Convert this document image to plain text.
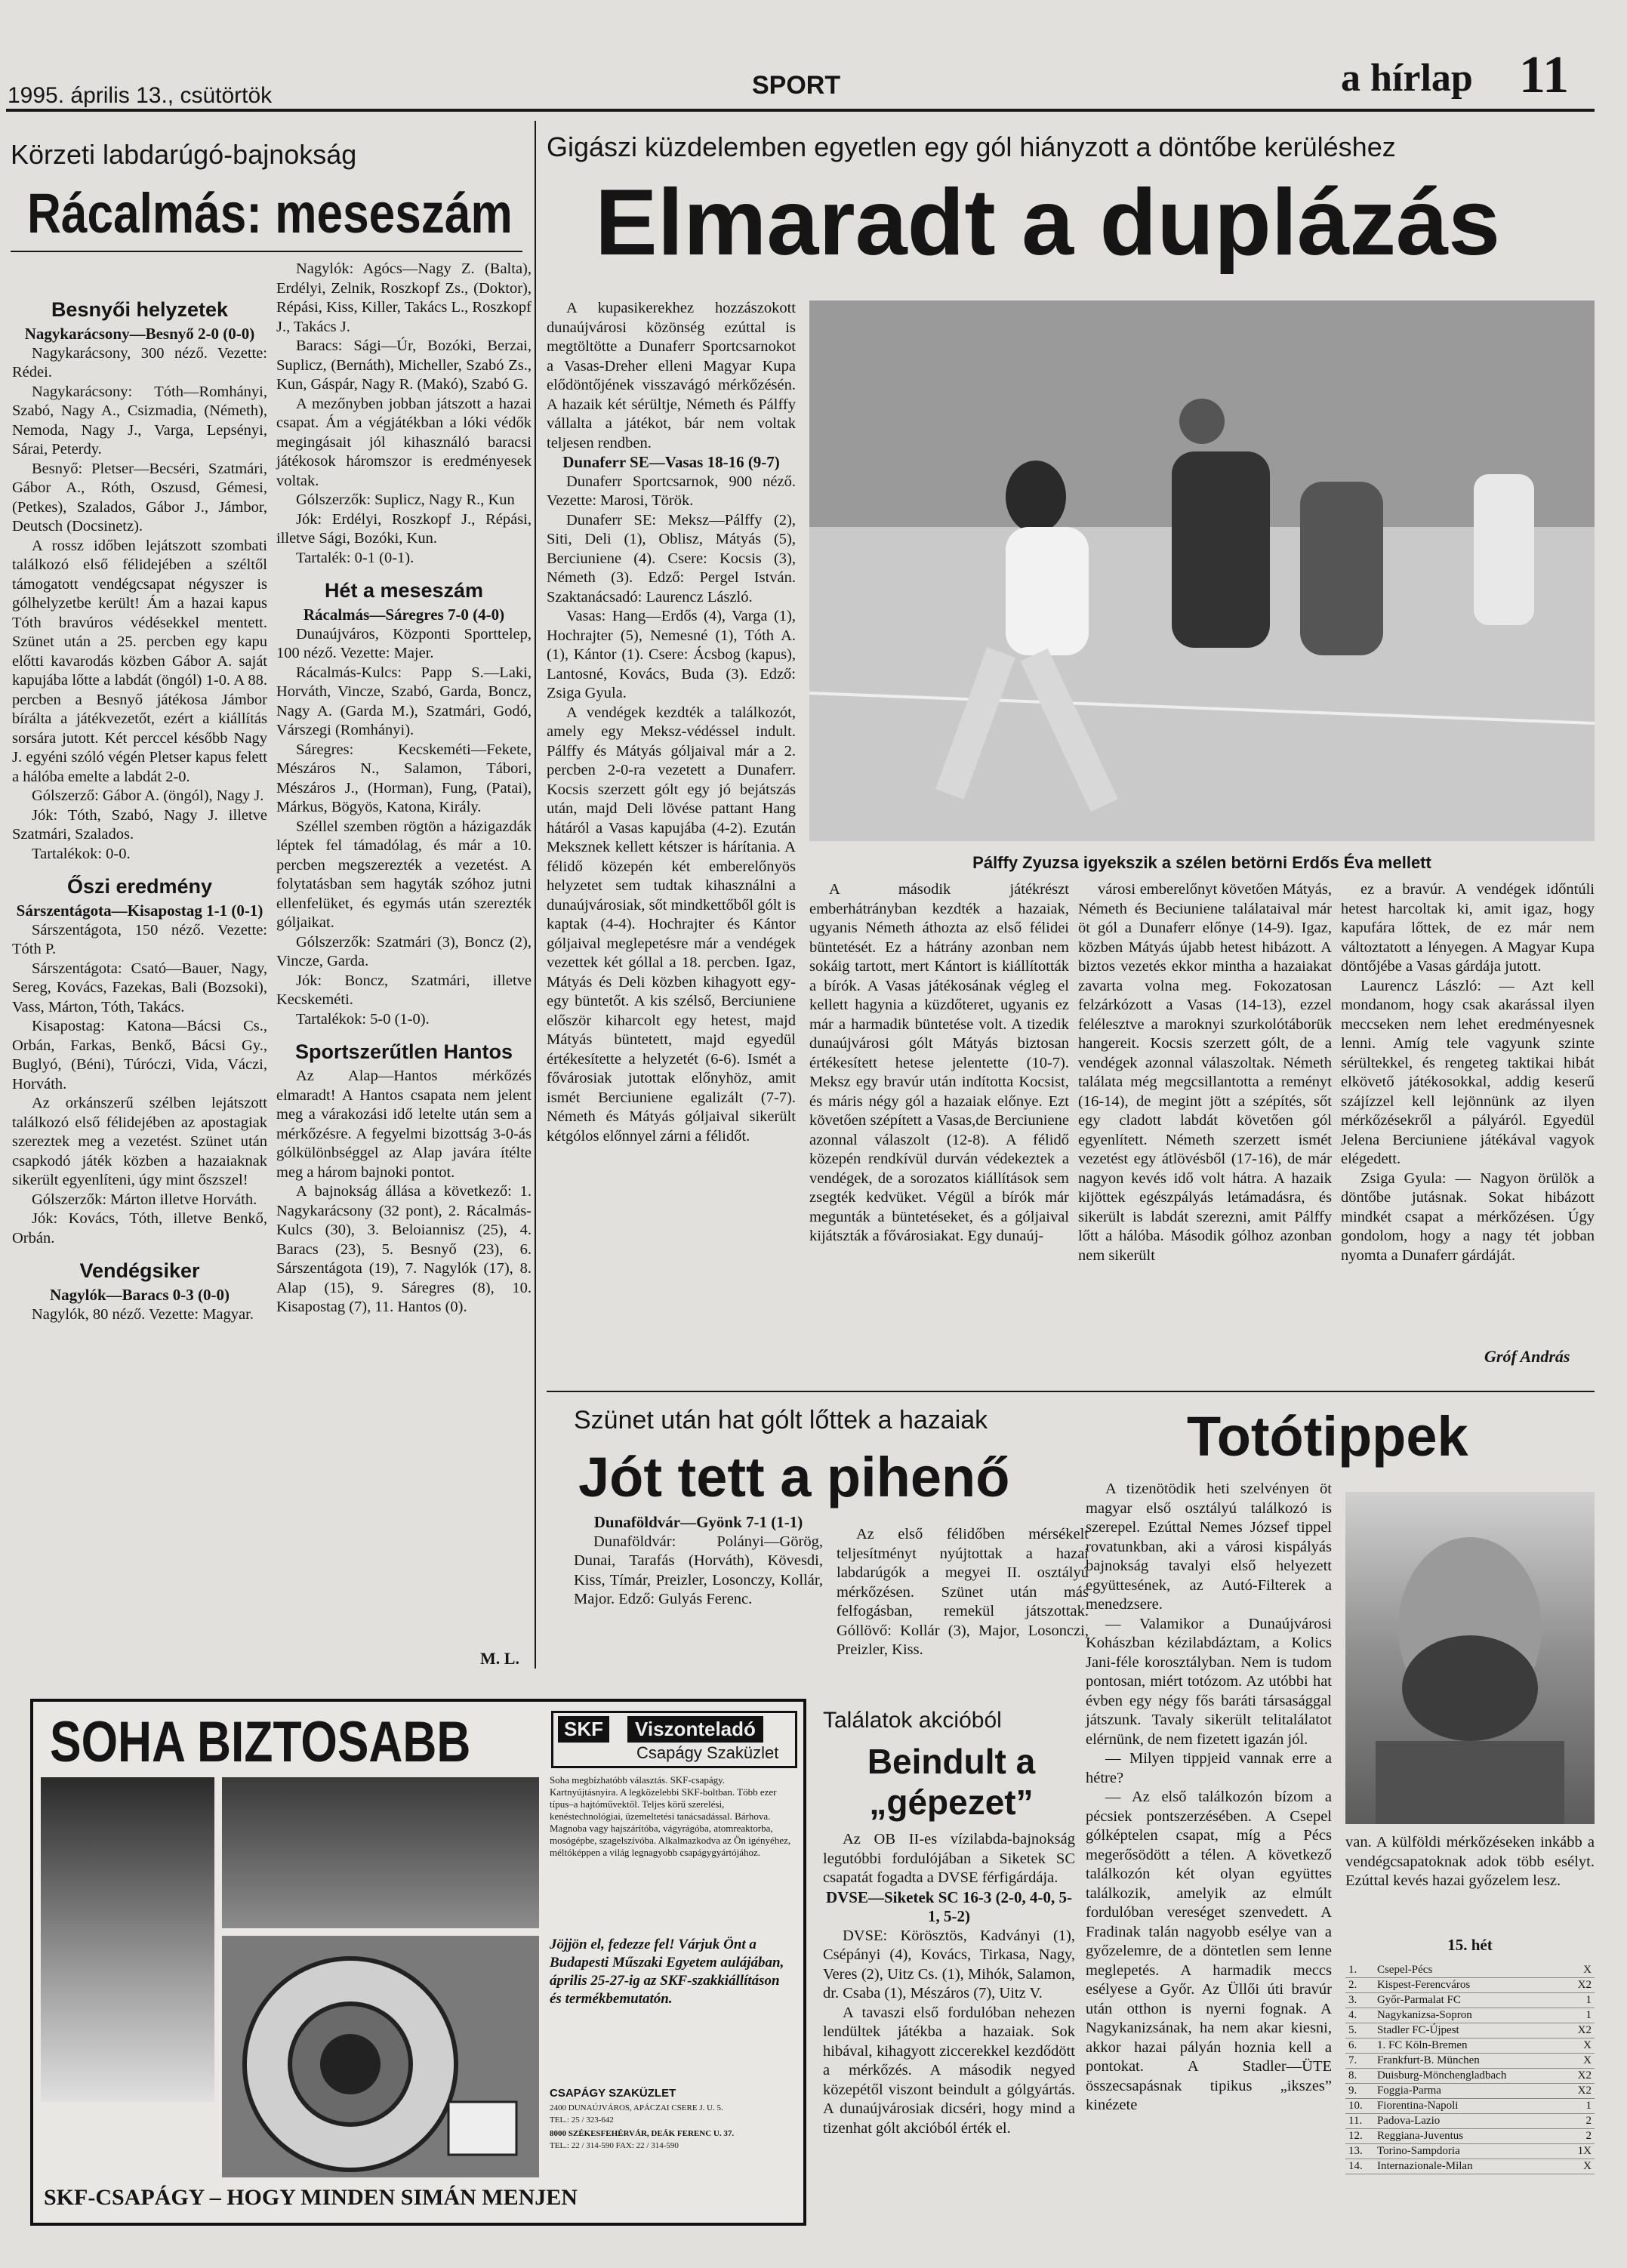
1995. április 13., csütörtök	SPORT	a hírlap 11
Körzeti labdarúgó-bajnokság
Rácalmás: meseszám

Besnyői helyzetek

Nagykarácsony—Besnyő 2-0 (0-0)

Nagykarácsony, 300 néző. Vezette: Rédei.

Nagykarácsony: Tóth—Romhányi, Szabó, Nagy A., Csizmadia, (Németh), Nemoda, Nagy J., Varga, Lepsényi, Sárai, Peterdy.

Besnyő: Pletser—Becséri, Szatmári, Gábor A., Róth, Oszusd, Gémesi, (Petkes), Szalados, Gábor J., Jámbor, Deutsch (Docsinetz).

A rossz időben lejátszott szombati találkozó első félidejében a széltől támogatott vendégcsapat négyszer is gólhelyzetbe került! Ám a hazai kapus Tóth bravúros védésekkel mentett. Szünet után a 25. percben egy kapu előtti kavarodás közben Gábor A. saját kapujába lőtte a labdát (öngól) 1-0. A 88. percben a Besnyő játékosa Jámbor bírálta a játékvezetőt, ezért a kiállítás sorsára jutott. Két perccel később Nagy J. egyéni szóló végén Pletser kapus felett a hálóba emelte a labdát 2-0.

Gólszerző: Gábor A. (öngól), Nagy J.

Jók: Tóth, Szabó, Nagy J. illetve Szatmári, Szalados.

Tartalékok: 0-0.

Őszi eredmény

Sárszentágota—Kisapostag 1-1 (0-1)

Sárszentágota, 150 néző. Vezette: Tóth P.

Sárszentágota: Csató—Bauer, Nagy, Sereg, Kovács, Fazekas, Bali (Bozsoki), Vass, Márton, Tóth, Takács.

Kisapostag: Katona—Bácsi Cs., Orbán, Farkas, Benkő, Bácsi Gy., Buglyó, (Béni), Túróczi, Vida, Váczi, Horváth.

Az orkánszerű szélben lejátszott találkozó első félidejében az apostagiak szereztek meg a vezetést. Szünet után csapkodó játék közben a hazaiaknak sikerült egyenlíteni, úgy mint őszszel!

Gólszerzők: Márton illetve Horváth.

Jók: Kovács, Tóth, illetve Benkő, Orbán.

Vendégsiker

Nagylók—Baracs 0-3 (0-0)

Nagylók, 80 néző. Vezette: Magyar.

Nagylók: Agócs—Nagy Z. (Balta), Erdélyi, Zelnik, Roszkopf Zs., (Doktor), Répási, Kiss, Killer, Takács L., Roszkopf J., Takács J.

Baracs: Sági—Úr, Bozóki, Berzai, Suplicz, (Bernáth), Micheller, Szabó Zs., Kun, Gáspár, Nagy R. (Makó), Szabó G.

A mezőnyben jobban játszott a hazai csapat. Ám a végjátékban a lóki védők megingásait jól kihasználó baracsi játékosok háromszor is eredményesek voltak.

Gólszerzők: Suplicz, Nagy R., Kun

Jók: Erdélyi, Roszkopf J., Répási, illetve Sági, Bozóki, Kun.

Tartalék: 0-1 (0-1).

Hét a meseszám

Rácalmás—Sáregres 7-0 (4-0)

Dunaújváros, Központi Sporttelep, 100 néző. Vezette: Majer.

Rácalmás-Kulcs: Papp S.—Laki, Horváth, Vincze, Szabó, Garda, Boncz, Nagy A. (Garda M.), Szatmári, Godó, Várszegi (Romhányi).

Sáregres: Kecskeméti—Fekete, Mészáros N., Salamon, Tábori, Mészáros J., (Horman), Fung, (Patai), Márkus, Bögyös, Katona, Király.

Széllel szemben rögtön a házigazdák léptek fel támadólag, és már a 10. percben megszerezték a vezetést. A folytatásban sem hagyták szóhoz jutni ellenfelüket, és egymás után szerezték góljaikat.

Gólszerzők: Szatmári (3), Boncz (2), Vincze, Garda.

Jók: Boncz, Szatmári, illetve Kecskeméti.

Tartalékok: 5-0 (1-0).

Sportszerűtlen Hantos

Az Alap—Hantos mérkőzés elmaradt! A Hantos csapata nem jelent meg a várakozási idő letelte után sem a mérkőzésre. A fegyelmi bizottság 3-0-ás gólkülönbséggel az Alap javára ítélte meg a három bajnoki pontot.

A bajnokság állása a következő: 1. Nagykarácsony (32 pont), 2. Rácalmás-Kulcs (30), 3. Beloiannisz (25), 4. Baracs (23), 5. Besnyő (23), 6. Sárszentágota (19), 7. Nagylók (17), 8. Alap (15), 9. Sáregres (8), 10. Kisapostag (7), 11. Hantos (0).

M. L.
Gigászi küzdelemben egyetlen egy gól hiányzott a döntőbe kerüléshez
Elmaradt a duplázás

A kupasikerekhez hozzászokott dunaújvárosi közönség ezúttal is megtöltötte a Dunaferr Sportcsarnokot a Vasas-Dreher elleni Magyar Kupa elődöntőjének visszavágó mérkőzésén. A hazaik két sérültje, Németh és Pálffy vállalta a játékot, bár nem voltak teljesen rendben.

Dunaferr SE—Vasas 18-16 (9-7)

Dunaferr Sportcsarnok, 900 néző. Vezette: Marosi, Török.

Dunaferr SE: Meksz—Pálffy (2), Siti, Deli (1), Oblisz, Mátyás (5), Berciuniene (4). Csere: Kocsis (3), Németh (3). Edző: Pergel István. Szaktanácsadó: Laurencz László.

Vasas: Hang—Erdős (4), Varga (1), Hochrajter (5), Nemesné (1), Tóth A. (1), Kántor (1). Csere: Ácsbog (kapus), Lantosné, Kovács, Buda (3). Edző: Zsiga Gyula.

A vendégek kezdték a találkozót, amely egy Meksz-védéssel indult. Pálffy és Mátyás góljaival már a 2. percben 2-0-ra vezetett a Dunaferr. Kocsis szerzett gólt egy jó bejátszás után, majd Deli lövése pattant Hang hátáról a Vasas kapujába (4-2). Ezután Meksznek kellett kétszer is hárítania. A félidő közepén két emberelőnyös helyzetet sem tudtak kihasználni a dunaújvárosiak, sőt mindkettőből gólt is kaptak (4-4). Hochrajter és Kántor góljaival meglepetésre már a vendégek vezettek két góllal a 18. percben. Igaz, Mátyás és Deli közben kihagyott egy-egy büntetőt. A kis szélső, Berciuniene először kiharcolt egy hetest, majd Mátyás büntetett, majd egyedül értékesítette a helyzetét (6-6). Ismét a fővárosiak jutottak előnyhöz, amit ismét Berciuniene egalizált (7-7). Németh és Mátyás góljaival sikerült kétgólos előnnyel zárni a félidőt.

Pálffy Zyuzsa igyekszik a szélen betörni Erdős Éva mellett

A második játékrészt emberhátrányban kezdték a hazaiak, ugyanis Németh áthozta az első félidei büntetését. Ez a hátrány azonban nem sokáig tartott, mert Kántort is kiállították a bírók. A Vasas játékosának végleg el kellett hagynia a küzdőteret, ugyanis ez már a harmadik büntetése volt. A tizedik dunaújvárosi gólt Mátyás biztosan értékesített hetese jelentette (10-7). Meksz egy bravúr után indította Kocsist, és máris négy gól a hazaiak előnye. Ezt követően szépített a Vasas,de Berciuniene azonnal válaszolt (12-8). A félidő közepén rendkívül durván védekeztek a vendégek, de a sorozatos kiállítások sem zsegték kedvüket. Végül a bírók már megunták a büntetéseket, és a góljaival kijátszták a fővárosiakat. Egy dunaúj-

városi emberelőnyt követően Mátyás, Németh és Beciuniene találataival már öt gól a Dunaferr előnye (14-9). Igaz, közben Mátyás újabb hetest hibázott. A biztos vezetés ekkor mintha a hazaiakat zavarta volna meg. Fokozatosan felzárkózott a Vasas (14-13), ezzel felélesztve a maroknyi szurkolótáborük hangereit. Kocsis szerzett gólt, de a vendégek azonnal válaszoltak. Németh találata még megcsillantotta a reményt (16-14), de megint jött a szépítés, sőt egy cladott labdát követően gól egyenlített. Németh szerzett ismét vezetést egy átlövésből (17-16), de már nagyon kevés idő volt hátra. A hazaik kijöttek egészpályás letámadásra, és sikerült is labdát szerezni, amit Pálffy lőtt a hálóba. Második gólhoz azonban nem sikerült

ez a bravúr. A vendégek időntúli hetest harcoltak ki, amit igaz, hogy kapufára lőttek, de ez már nem változtatott a lényegen. A Magyar Kupa döntőjébe a Vasas gárdája jutott.

Laurencz László: — Azt kell mondanom, hogy csak akarással ilyen meccseken nem lehet eredményesnek lenni. Amíg tele vagyunk szinte sérültekkel, és rengeteg taktikai hibát elkövető játékosokkal, addig keserű szájízzel kell lejönnünk az ilyen mérkőzésekről a pályáról. Egyedül Jelena Berciuniene játékával vagyok elégedett.

Zsiga Gyula: — Nagyon örülök a döntőbe jutásnak. Sokat hibázott mindkét csapat a mérkőzésen. Úgy gondolom, hogy a nagy tét jobban nyomta a Dunaferr gárdáját.

Gróf András
Szünet után hat gólt lőttek a hazaiak
Jót tett a pihenő

Dunaföldvár—Gyönk 7-1 (1-1)

Dunaföldvár: Polányi—Görög, Dunai, Tarafás (Horváth), Kövesdi, Kiss, Tímár, Preizler, Losonczy, Kollár, Major. Edző: Gulyás Ferenc.

Az első félidőben mérsékelt teljesítményt nyújtottak a hazai labdarúgók a megyei II. osztályú mérkőzésen. Szünet után más felfogásban, remekül játszottak. Góllövő: Kollár (3), Major, Losonczi, Preizler, Kiss.

Totótippek

A tizenötödik heti szelvényen öt magyar első osztályú találkozó is szerepel. Ezúttal Nemes József tippel rovatunkban, aki a városi kispályás bajnokság tavalyi első helyezett együttesének, az Autó-Filterek a menedzsere.

— Valamikor a Dunaújvárosi Kohászban kézilabdáztam, a Kolics Jani-féle korosztályban. Nem is tudom pontosan, miért totózom. Az utóbbi hat évben egy négy fős baráti társasággal játszunk. Tavaly sikerült telitalálatot elérnünk, de nem fizetett igazán jól.

— Milyen tippjeid vannak erre a hétre?

— Az első találkozón bízom a pécsiek pontszerzésében. A Csepel gólképtelen csapat, míg a Pécs megerősödött a télen. A következő találkozón két olyan együttes találkozik, amelyik az elmúlt fordulóban vereséget szenvedett. A Fradinak talán nagyobb esélye van a győzelemre, de a döntetlen sem lenne meglepetés. A harmadik meccs esélyese a Győr. Az Üllői úti bravúr után otthon is nyerni fognak. A Nagykanizsának, ha nem akar kiesni, akkor hazai pályán hoznia kell a pontokat. A Stadler—ÜTE összecsapásnak tipikus „ikszes” kinézete

van. A külföldi mérkőzéseken inkább a vendégcsapatoknak adok több esélyt. Ezúttal kevés hazai győzelem lesz.
15. hét
1.	Csepel-Pécs	X
2.	Kispest-Ferencváros	X2
3.	Győr-Parmalat FC	1
4.	Nagykanizsa-Sopron	1
5.	Stadler FC-Újpest	X2
6.	1. FC Köln-Bremen	X
7.	Frankfurt-B. München	X
8.	Duisburg-Mönchengladbach	X2
9.	Foggia-Parma	X2
10.	Fiorentina-Napoli	1
11.	Padova-Lazio	2
12.	Reggiana-Juventus	2
13.	Torino-Sampdoria	1X
14.	Internazionale-Milan	X
Találatok akcióból
Beindult a „gépezet”

Az OB II-es vízilabda-bajnokság legutóbbi fordulójában a Siketek SC csapatát fogadta a DVSE férfigárdája.

DVSE—Siketek SC 16-3 (2-0, 4-0, 5-1, 5-2)

DVSE: Körösztös, Kadványi (1), Csépányi (4), Kovács, Tirkasa, Nagy, Veres (2), Uitz Cs. (1), Mihók, Salamon, dr. Csaba (1), Mészáros (7), Uitz V.

A tavaszi első fordulóban nehezen lendültek játékba a hazaiak. Sok hibával, kihagyott ziccerekkel kezdődött a mérkőzés. A második negyed közepétől viszont beindult a gólgyártás. A dunaújvárosiak dicséri, hogy mind a tizenhat gólt akcióból érték el.

SOHA BIZTOSABB	SKF	Viszonteladó
Csapágy Szaküzlet
Soha megbízhatóbb választás. SKF-csapágy. Kartnyújtásnyira. A legközelebbi SKF-boltban. Több ezer típus–a hajtóművektől. Teljes körű szerelési, kenéstechnológiai, üzemeltetési tanácsadással. Bárhova. Magnoba vagy hajszárítóba, vágyrágóba, atomreaktorba, mosógépbe, szagelszívóba. Alkalmazkodva az Ön igényéhez, méltóképpen a világ legnagyobb csapágygyártójához.
Jöjjön el, fedezze fel! Várjuk Önt a Budapesti Műszaki Egyetem aulájában, április 25-27-ig az SKF-szakkiállításon és termékbemutatón.
CSAPÁGY SZAKÜZLET
2400 DUNAÚJVÁROS, APÁCZAI CSERE J. U. 5.
TEL.: 25 / 323-642
8000 SZÉKESFEHÉRVÁR, DEÁK FERENC U. 37.
TEL.: 22 / 314-590 FAX: 22 / 314-590
SKF-CSAPÁGY – HOGY MINDEN SIMÁN MENJEN
